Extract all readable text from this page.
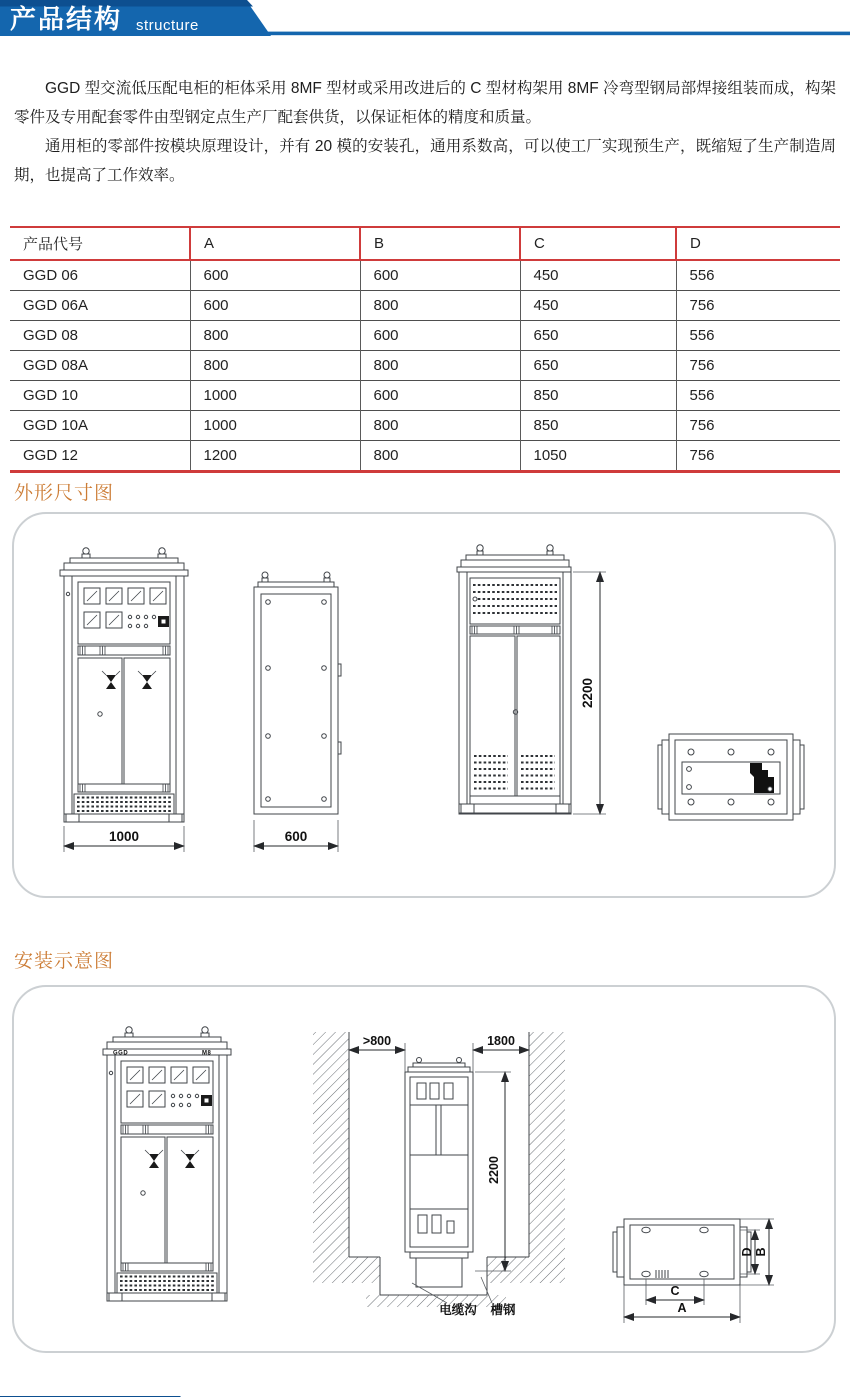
产品结构 structure

GGD 型交流低压配电柜的柜体采用 8MF 型材或采用改进后的 C 型材构架用 8MF 冷弯型钢局部焊接组装而成，构架零件及专用配套零件由型钢定点生产厂配套供货，以保证柜体的精度和质量。

通用柜的零部件按模块原理设计，并有 20 模的安装孔，通用系数高，可以使工厂实现预生产，既缩短了生产制造周期，也提高了工作效率。

产品代号	A	B	C	D
GGD 06	600	600	450	556
GGD 06A	600	800	450	756
GGD 08	800	600	650	556
GGD 08A	800	800	650	756
GGD 10	1000	600	850	556
GGD 10A	1000	800	850	756
GGD 12	1200	800	1050	756
外形尺寸图
1000	600
2200
安装示意图
GGD	M8
>800	1800
2200
电缆沟 槽钢
D B
C
A
